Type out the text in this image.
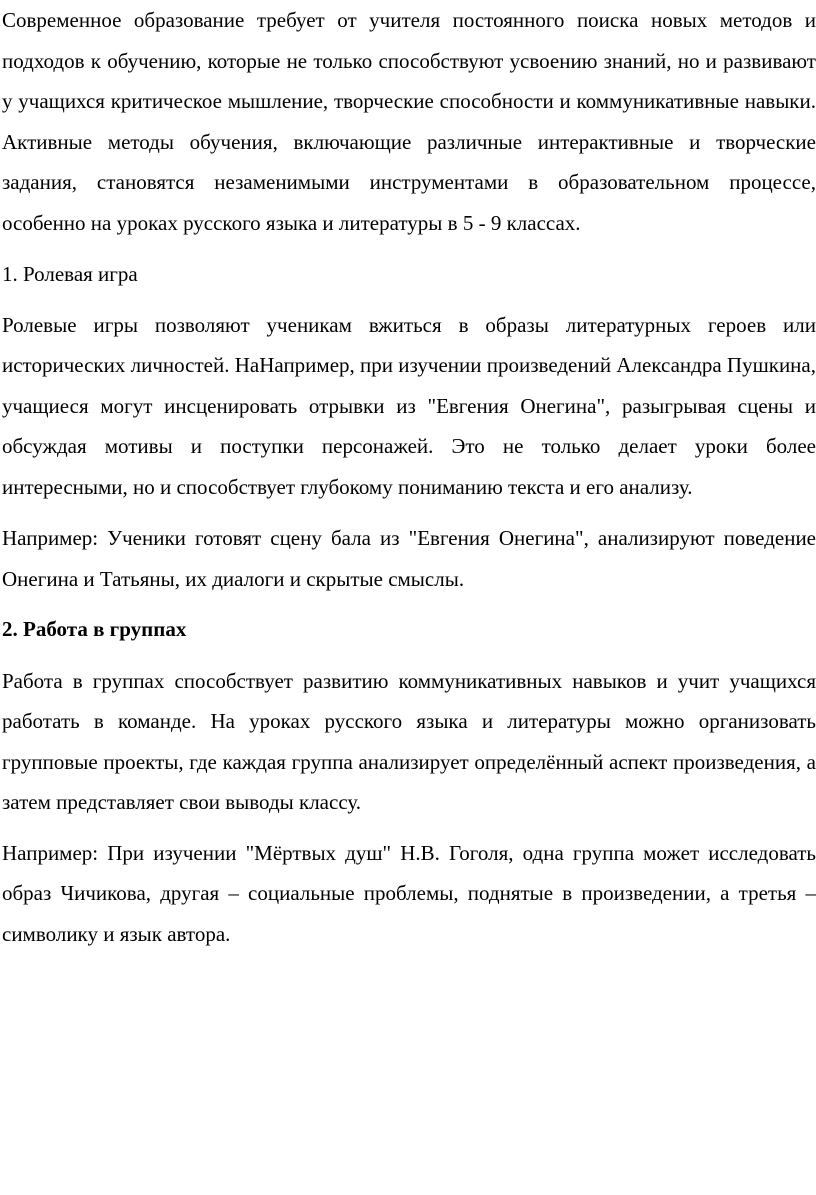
Современное образование требует от учителя постоянного поиска новых методов и подходов к обучению, которые не только способствуют усвоению знаний, но и развивают у учащихся критическое мышление, творческие способности и коммуникативные навыки. Активные методы обучения, включающие различные интерактивные и творческие задания, становятся незаменимыми инструментами в образовательном процессе, особенно на уроках русского языка и литературы в 5 - 9 классах.

1. Ролевая игра

Ролевые игры позволяют ученикам вжиться в образы литературных героев или исторических личностей. НаНапример, при изучении произведений Александра Пушкина, учащиеся могут инсценировать отрывки из "Евгения Онегина", разыгрывая сцены и обсуждая мотивы и поступки персонажей. Это не только делает уроки более интересными, но и способствует глубокому пониманию текста и его анализу.

Например: Ученики готовят сцену бала из "Евгения Онегина", анализируют поведение Онегина и Татьяны, их диалоги и скрытые смыслы.

2. Работа в группах

Работа в группах способствует развитию коммуникативных навыков и учит учащихся работать в команде. На уроках русского языка и литературы можно организовать групповые проекты, где каждая группа анализирует определённый аспект произведения, а затем представляет свои выводы классу.

Например: При изучении "Мёртвых душ" Н.В. Гоголя, одна группа может исследовать образ Чичикова, другая – социальные проблемы, поднятые в произведении, а третья – символику и язык автора.
